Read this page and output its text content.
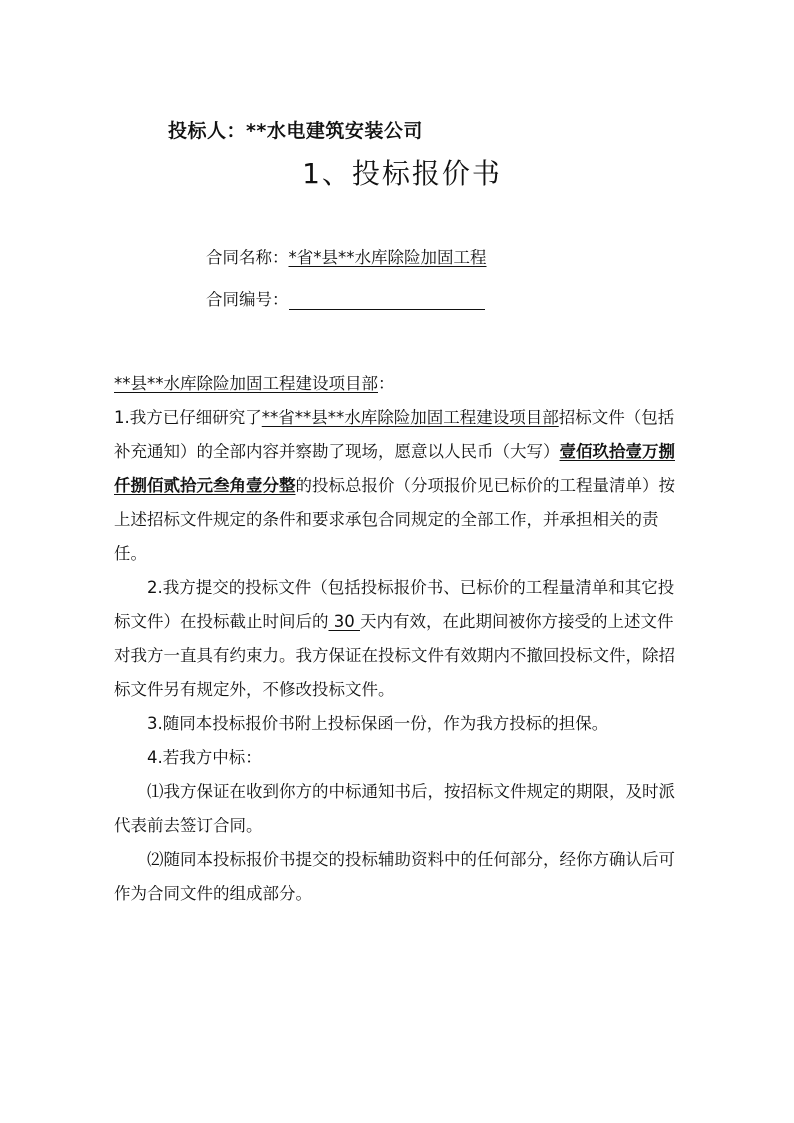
投标人：**水电建筑安装公司
1、投标报价书
合同名称：*省*县**水库除险加固工程
合同编号：

**县**水库除险加固工程建设项目部：

1.我方已仔细研究了**省**县**水库除险加固工程建设项目部招标文件（包括补充通知）的全部内容并察勘了现场，愿意以人民币（大写）壹佰玖拾壹万捌仟捌佰贰拾元叁角壹分整的投标总报价（分项报价见已标价的工程量清单）按上述招标文件规定的条件和要求承包合同规定的全部工作，并承担相关的责任。

2.我方提交的投标文件（包括投标报价书、已标价的工程量清单和其它投标文件）在投标截止时间后的 30 天内有效，在此期间被你方接受的上述文件对我方一直具有约束力。我方保证在投标文件有效期内不撤回投标文件，除招标文件另有规定外，不修改投标文件。

3.随同本投标报价书附上投标保函一份，作为我方投标的担保。

4.若我方中标：

⑴我方保证在收到你方的中标通知书后，按招标文件规定的期限，及时派代表前去签订合同。

⑵随同本投标报价书提交的投标辅助资料中的任何部分，经你方确认后可作为合同文件的组成部分。
